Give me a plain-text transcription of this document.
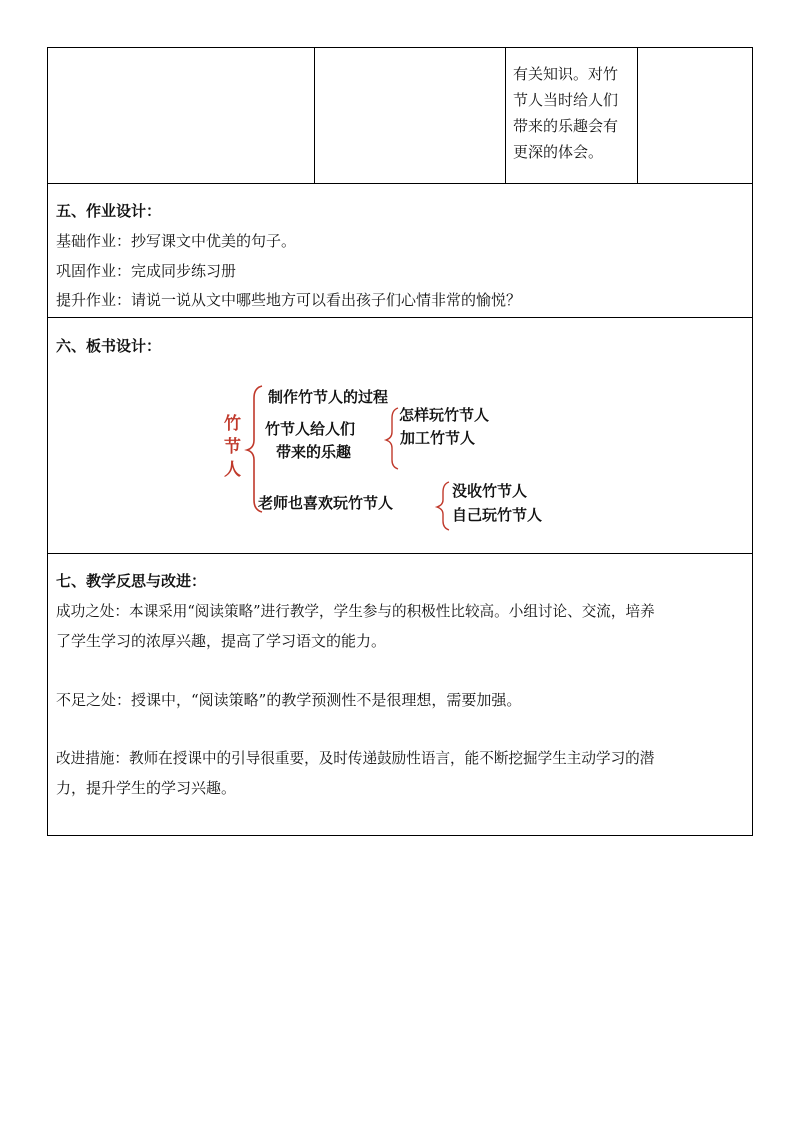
有关知识。对竹
节人当时给人们
带来的乐趣会有
更深的体会。
五、作业设计：
基础作业：抄写课文中优美的句子。
巩固作业：完成同步练习册
提升作业：请说一说从文中哪些地方可以看出孩子们心情非常的愉悦？
六、板书设计：
竹
节
人
制作竹节人的过程
竹节人给人们
带来的乐趣
怎样玩竹节人
加工竹节人
老师也喜欢玩竹节人
没收竹节人
自己玩竹节人
七、教学反思与改进：
成功之处：本课采用“阅读策略”进行教学，学生参与的积极性比较高。小组讨论、交流，培养
了学生学习的浓厚兴趣，提高了学习语文的能力。
不足之处：授课中，“阅读策略”的教学预测性不是很理想，需要加强。
改进措施：教师在授课中的引导很重要，及时传递鼓励性语言，能不断挖掘学生主动学习的潜
力，提升学生的学习兴趣。
